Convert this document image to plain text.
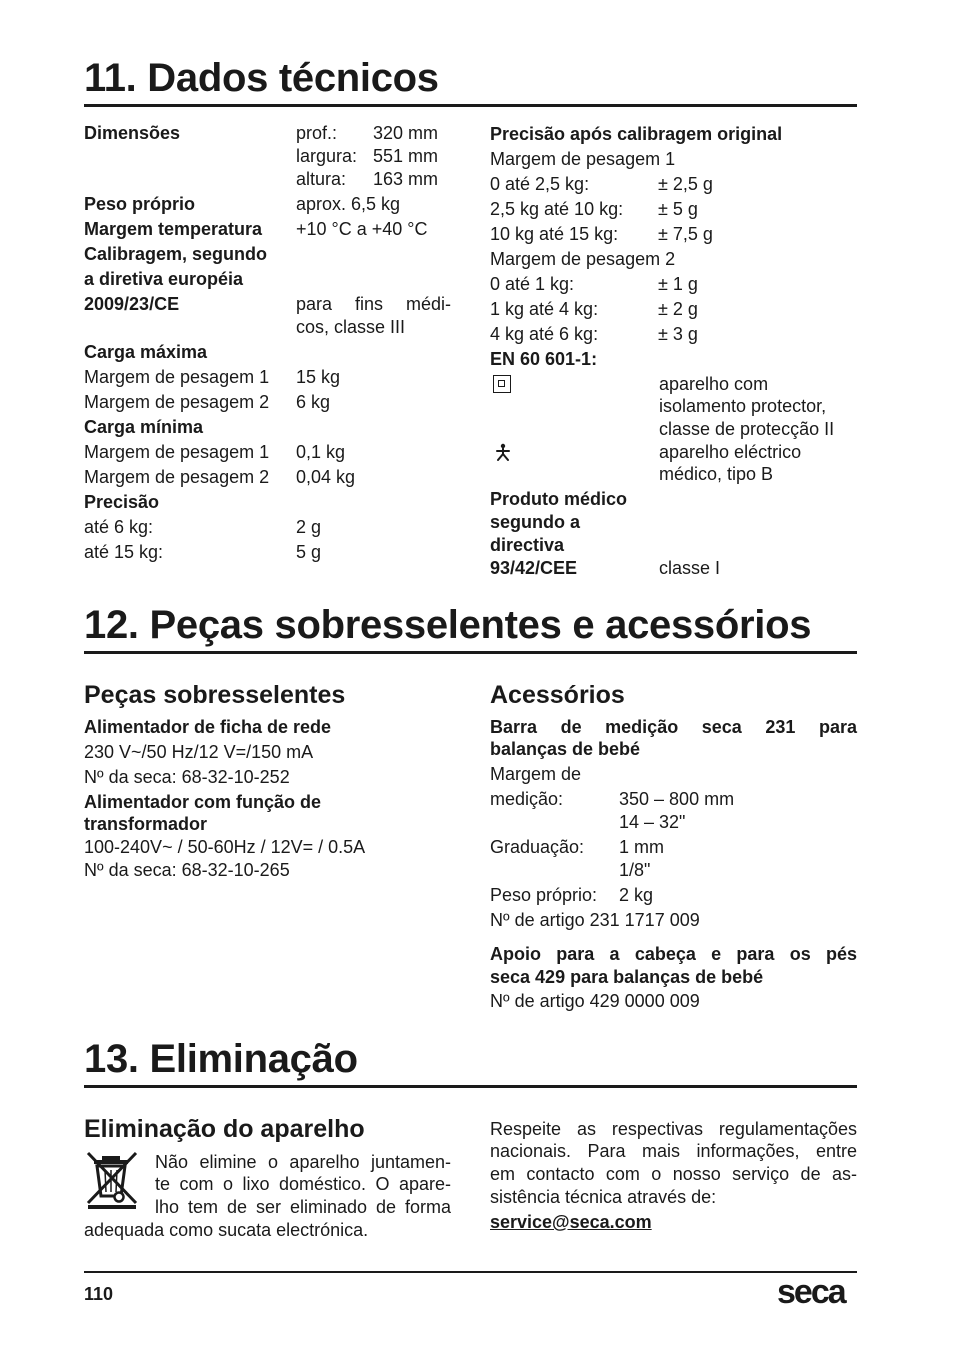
11. Dados técnicos
Dimensões	prof.: 320 mm
largura: 551 mm
altura: 163 mm
Peso próprio	aprox. 6,5 kg
Margem temperatura +10 °C a +40 °C
Calibragem, segundo
a diretiva européia
2009/23/CE	para fins médi-
cos, classe III
Carga máxima
Margem de pesagem 1 15 kg
Margem de pesagem 2 6 kg
Carga mínima
Margem de pesagem 1 0,1 kg
Margem de pesagem 2 0,04 kg
Precisão
até 6 kg:	2 g
até 15 kg:	5 g
Precisão após calibragem original
Margem de pesagem 1
0 até 2,5 kg:	± 2,5 g
2,5 kg até 10 kg: ± 5 g
10 kg até 15 kg: ± 7,5 g
Margem de pesagem 2
0 até 1 kg:	± 1 g
1 kg até 4 kg:	± 2 g
4 kg até 6 kg:	± 3 g
EN 60 601-1:
aparelho com
isolamento protector,
classe de protecção II
aparelho eléctrico
médico, tipo B
Produto médico
segundo a
directiva
93/42/CEE	classe I
12. Peças sobresselentes e acessórios
Peças sobresselentes
Alimentador de ficha de rede
230 V~/50 Hz/12 V=/150 mA
Nº da seca: 68-32-10-252
Alimentador com função de
transformador
100-240V~ / 50-60Hz / 12V= / 0.5A
Nº da seca: 68-32-10-265
Acessórios
Barra de medição seca 231 para
balanças de bebé
Margem de
medição:	350 – 800 mm
14 – 32"
Graduação: 1 mm
1/8"
Peso próprio: 2 kg
Nº de artigo 231 1717 009
Apoio para a cabeça e para os pés
seca 429 para balanças de bebé
Nº de artigo 429 0000 009
13. Eliminação
Eliminação do aparelho
Não elimine o aparelho juntamen-
te com o lixo doméstico. O apare-
lho tem de ser eliminado de forma
adequada como sucata electrónica.
Respeite as respectivas regulamentações
nacionais. Para mais informações, entre
em contacto com o nosso serviço de as-
sistência técnica através de:
service@seca.com
110	seca
